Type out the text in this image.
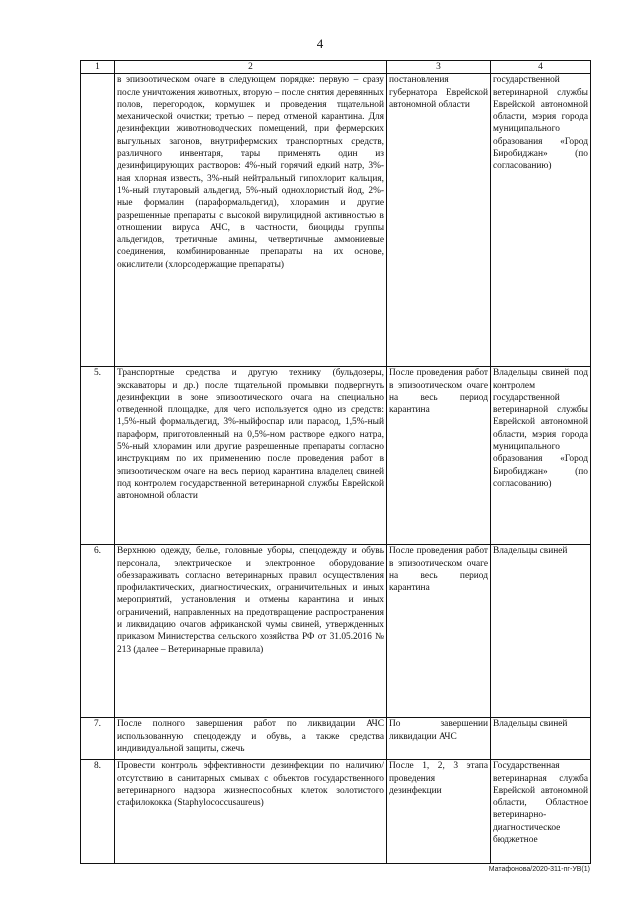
4
1	2	3	4
	в эпизоотическом очаге в следующем порядке: первую – сразу после уничтожения животных, вторую – после снятия деревянных полов, перегородок, кормушек и проведения тщательной механической очистки; третью – перед отменой карантина. Для дезинфекции животноводческих помещений, при фермерских выгульных загонов, внутрифермских транспортных средств, различного инвентаря, тары применять один из дезинфицирующих растворов: 4%-ный горячий едкий натр, 3%-ная хлорная известь, 3%-ный нейтральный гипохлорит кальция, 1%-ный глутаровый альдегид, 5%-ный однохлористый йод, 2%-ные формалин (параформальдегид), хлорамин и другие разрешенные препараты с высокой вирулицидной активностью в отношении вируса АЧС, в частности, биоциды группы альдегидов, третичные амины, четвертичные аммониевые соединения, комбинированные препараты на их основе, окислители (хлорсодержащие препараты)	постановления губернатора Еврейской автономной области	государственной ветеринарной службы Еврейской автономной области, мэрия города муниципального образования «Город Биробиджан» (по согласованию)
5.	Транспортные средства и другую технику (бульдозеры, экскаваторы и др.) после тщательной промывки подвергнуть дезинфекции в зоне эпизоотического очага на специально отведенной площадке, для чего используется одно из средств: 1,5%-ный формальдегид, 3%-ныйфоспар или парасод, 1,5%-ный параформ, приготовленный на 0,5%-ном растворе едкого натра, 5%-ный хлорамин или другие разрешенные препараты согласно инструкциям по их применению после проведения работ в эпизоотическом очаге на весь период карантина владелец свиней под контролем государственной ветеринарной службы Еврейской автономной области	После проведения работ в эпизоотическом очаге на весь период карантина	Владельцы свиней под контролем государственной ветеринарной службы Еврейской автономной области, мэрия города муниципального образования «Город Биробиджан» (по согласованию)
6.	Верхнюю одежду, белье, головные уборы, спецодежду и обувь персонала, электрическое и электронное оборудование обеззараживать согласно ветеринарных правил осуществления профилактических, диагностических, ограничительных и иных мероприятий, установления и отмены карантина и иных ограничений, направленных на предотвращение распространения и ликвидацию очагов африканской чумы свиней, утвержденных приказом Министерства сельского хозяйства РФ от 31.05.2016 № 213 (далее – Ветеринарные правила)	После проведения работ в эпизоотическом очаге на весь период карантина	Владельцы свиней
7.	После полного завершения работ по ликвидации АЧС использованную спецодежду и обувь, а также средства индивидуальной защиты, сжечь	По завершении ликвидации АЧС	Владельцы свиней
8.	Провести контроль эффективности дезинфекции по наличию/отсутствию в санитарных смывах с объектов государственного ветеринарного надзора жизнеспособных клеток золотистого стафилококка (Staphylococcusaureus)	После 1, 2, 3 этапа проведения дезинфекции	Государственная ветеринарная служба Еврейской автономной области, Областное ветеринарно-диагностическое бюджетное
Матафонова/2020-311-пг-УВ(1)
